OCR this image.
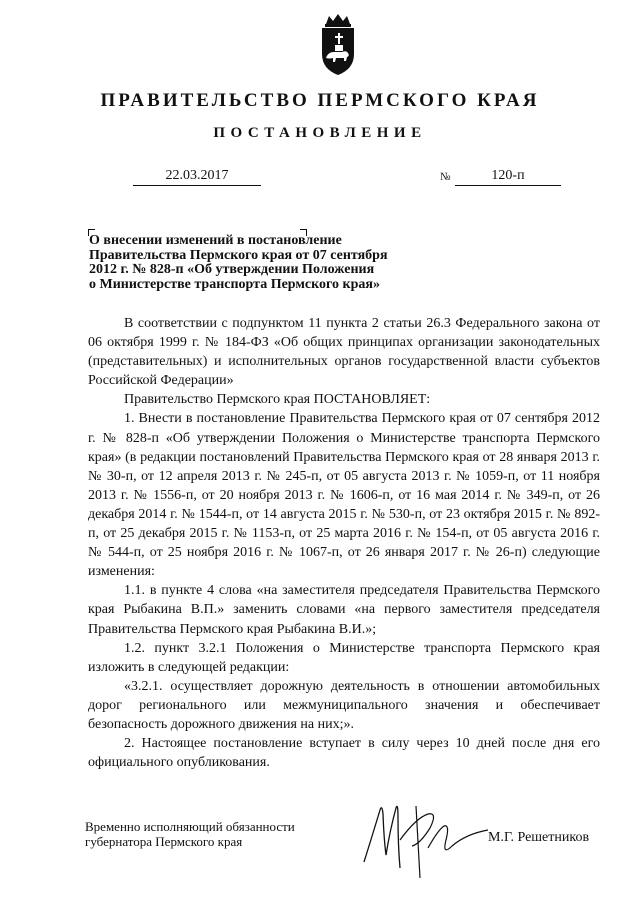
ПРАВИТЕЛЬСТВО ПЕРМСКОГО КРАЯ
ПОСТАНОВЛЕНИЕ
22.03.2017	№	120-п
О внесении изменений в постановление
Правительства Пермского края от 07 сентября
2012 г. № 828-п «Об утверждении Положения
о Министерстве транспорта Пермского края»

В соответствии с подпунктом 11 пункта 2 статьи 26.3 Федерального закона от 06 октября 1999 г. № 184-ФЗ «Об общих принципах организации законодательных (представительных) и исполнительных органов государственной власти субъектов Российской Федерации»

Правительство Пермского края ПОСТАНОВЛЯЕТ:

1. Внести в постановление Правительства Пермского края от 07 сентября 2012 г. № 828-п «Об утверждении Положения о Министерстве транспорта Пермского края» (в редакции постановлений Правительства Пермского края от 28 января 2013 г. № 30-п, от 12 апреля 2013 г. № 245-п, от 05 августа 2013 г. № 1059-п, от 11 ноября 2013 г. № 1556-п, от 20 ноября 2013 г. № 1606-п, от 16 мая 2014 г. № 349-п, от 26 декабря 2014 г. № 1544-п, от 14 августа 2015 г. № 530-п, от 23 октября 2015 г. № 892-п, от 25 декабря 2015 г. № 1153-п, от 25 марта 2016 г. № 154-п, от 05 августа 2016 г. № 544-п, от 25 ноября 2016 г. № 1067-п, от 26 января 2017 г. № 26-п) следующие изменения:

1.1. в пункте 4 слова «на заместителя председателя Правительства Пермского края Рыбакина В.П.» заменить словами «на первого заместителя председателя Правительства Пермского края Рыбакина В.И.»;

1.2. пункт 3.2.1 Положения о Министерстве транспорта Пермского края изложить в следующей редакции:

«3.2.1. осуществляет дорожную деятельность в отношении автомобильных дорог регионального или межмуниципального значения и обеспечивает безопасность дорожного движения на них;».

2. Настоящее постановление вступает в силу через 10 дней после дня его официального опубликования.

Временно исполняющий обязанности
губернатора Пермского края	М.Г. Решетников
